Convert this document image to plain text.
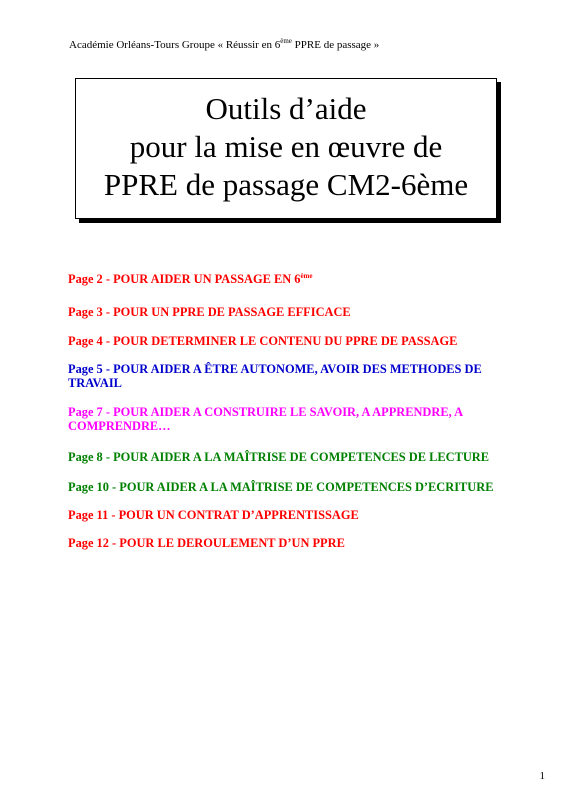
Académie Orléans-Tours Groupe « Réussir en 6ème PPRE de passage »
Outils d’aide
pour la mise en œuvre de
PPRE de passage CM2-6ème
Page 2 - POUR AIDER UN PASSAGE EN 6ème
Page 3 - POUR UN PPRE DE PASSAGE EFFICACE
Page 4 - POUR DETERMINER LE CONTENU DU PPRE DE PASSAGE
Page 5 - POUR AIDER A ÊTRE AUTONOME, AVOIR DES METHODES DE TRAVAIL
Page 7 - POUR AIDER A CONSTRUIRE LE SAVOIR, A APPRENDRE, A COMPRENDRE…
Page 8 - POUR AIDER A LA MAÎTRISE DE COMPETENCES DE LECTURE
Page 10 - POUR AIDER A LA MAÎTRISE DE COMPETENCES D’ECRITURE
Page 11 - POUR UN CONTRAT D’APPRENTISSAGE
Page 12 - POUR LE DEROULEMENT D’UN PPRE
1
